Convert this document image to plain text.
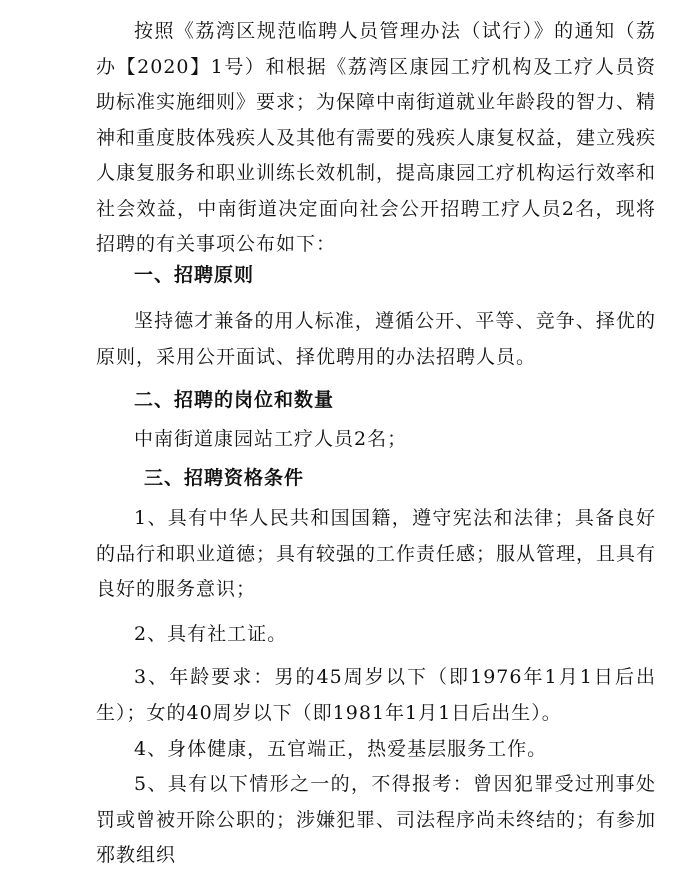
按照《荔湾区规范临聘人员管理办法（试行）》的通知（荔办【2020】1号）和根据《荔湾区康园工疗机构及工疗人员资助标准实施细则》要求；为保障中南街道就业年龄段的智力、精神和重度肢体残疾人及其他有需要的残疾人康复权益，建立残疾人康复服务和职业训练长效机制，提高康园工疗机构运行效率和社会效益，中南街道决定面向社会公开招聘工疗人员2名，现将招聘的有关事项公布如下：
一、招聘原则
坚持德才兼备的用人标准，遵循公开、平等、竞争、择优的原则，采用公开面试、择优聘用的办法招聘人员。
二、招聘的岗位和数量
中南街道康园站工疗人员2名；
三、招聘资格条件
1、具有中华人民共和国国籍，遵守宪法和法律；具备良好的品行和职业道德；具有较强的工作责任感；服从管理，且具有良好的服务意识；
2、具有社工证。
3、年龄要求：男的45周岁以下（即1976年1月1日后出生）；女的40周岁以下（即1981年1月1日后出生）。
4、身体健康，五官端正，热爱基层服务工作。
5、具有以下情形之一的，不得报考：曾因犯罪受过刑事处罚或曾被开除公职的；涉嫌犯罪、司法程序尚未终结的；有参加邪教组织
